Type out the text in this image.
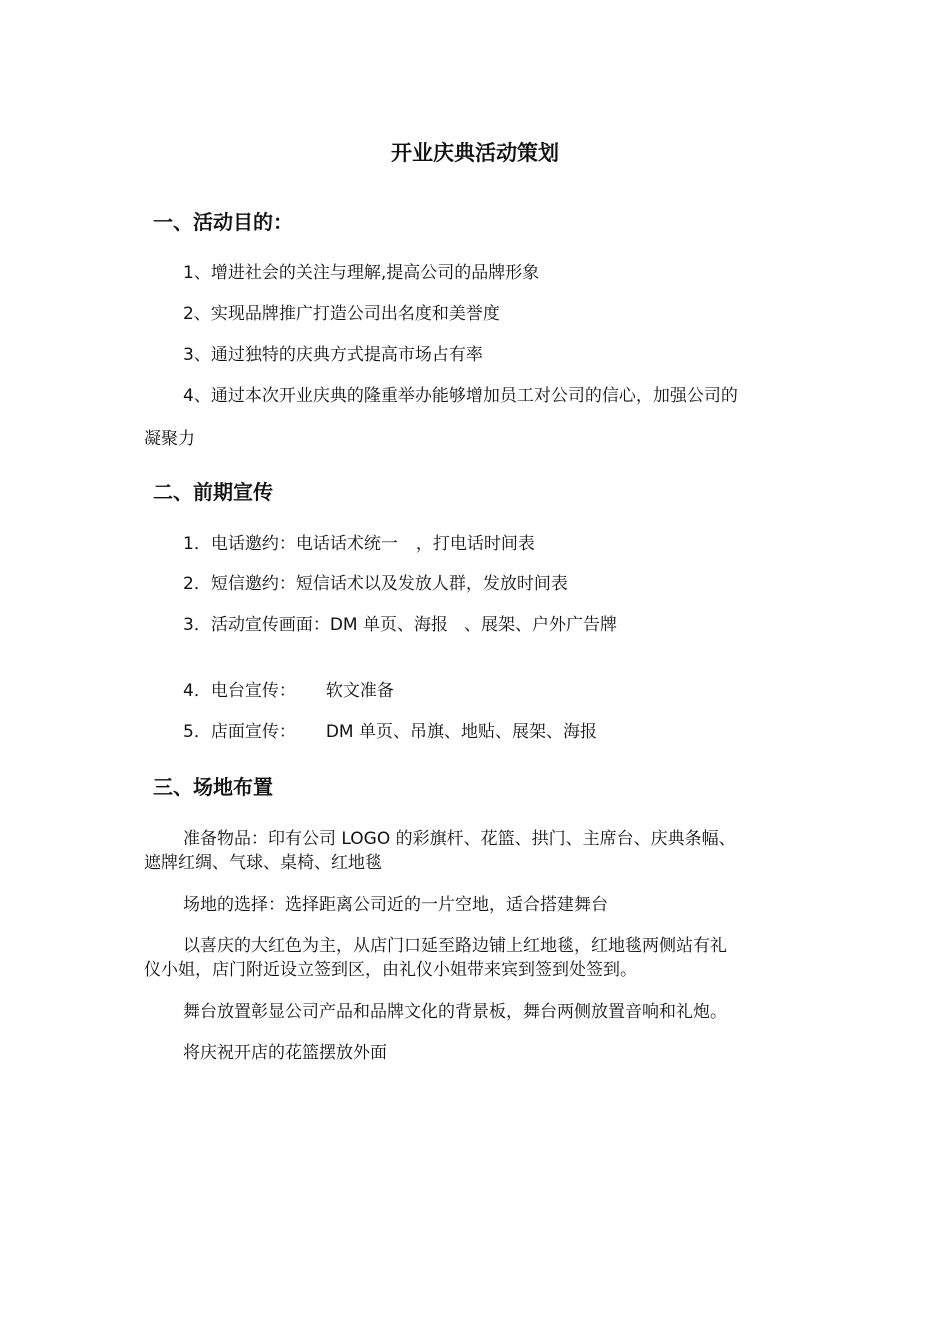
开业庆典活动策划
一、活动目的：
1、增进社会的关注与理解,提高公司的品牌形象
2、实现品牌推广打造公司出名度和美誉度
3、通过独特的庆典方式提高市场占有率
4、通过本次开业庆典的隆重举办能够增加员工对公司的信心，加强公司的
凝聚力
二、前期宣传
1．电话邀约：电话话术统一 ，打电话时间表
2．短信邀约：短信话术以及发放人群，发放时间表
3．活动宣传画面：DM 单页、海报 、展架、户外广告牌
4．电台宣传： 软文准备
5．店面宣传： DM 单页、吊旗、地贴、展架、海报
三、场地布置
准备物品：印有公司 LOGO 的彩旗杆、花篮、拱门、主席台、庆典条幅、
遮牌红绸、气球、桌椅、红地毯
场地的选择：选择距离公司近的一片空地，适合搭建舞台
以喜庆的大红色为主，从店门口延至路边铺上红地毯，红地毯两侧站有礼
仪小姐，店门附近设立签到区，由礼仪小姐带来宾到签到处签到。
舞台放置彰显公司产品和品牌文化的背景板，舞台两侧放置音响和礼炮。
将庆祝开店的花篮摆放外面
